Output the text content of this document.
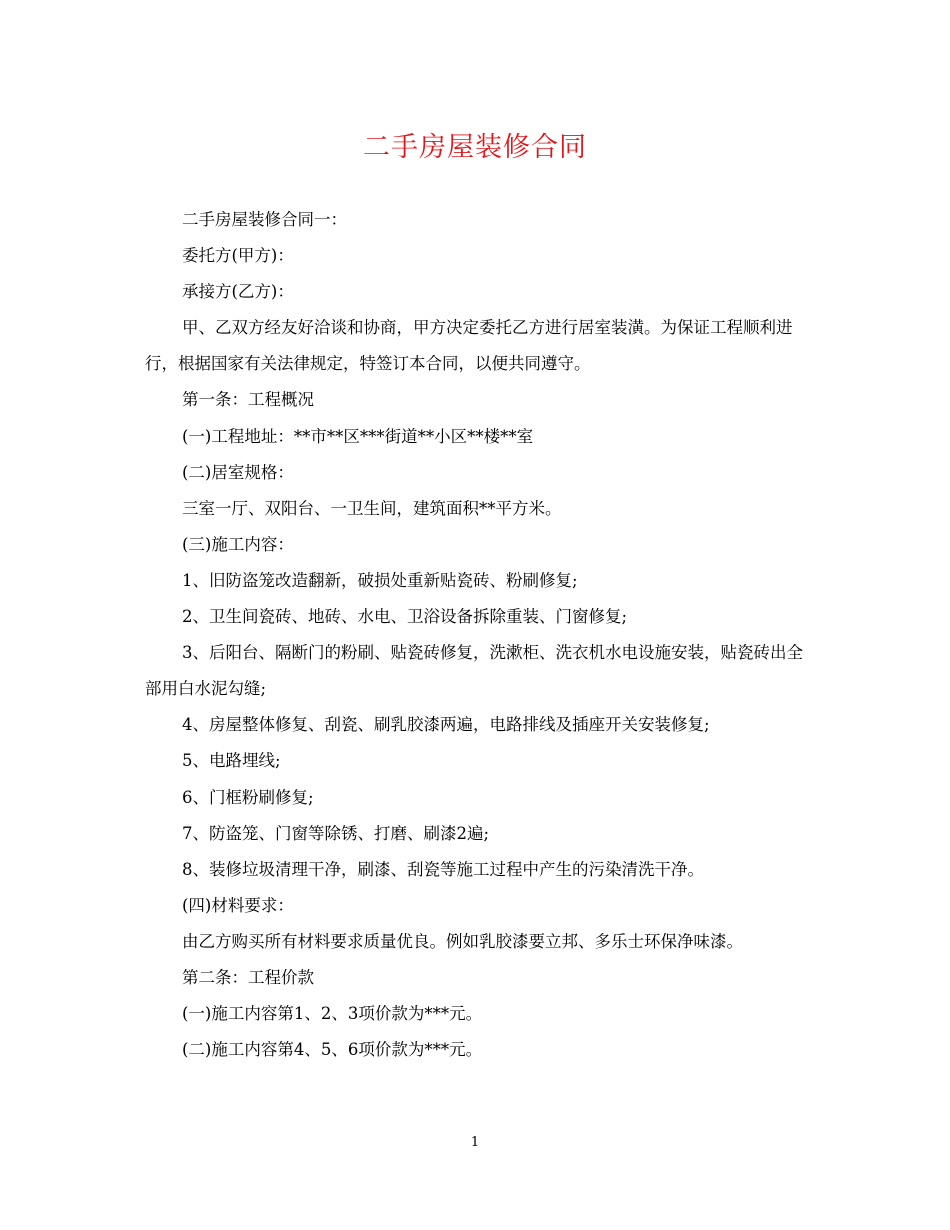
二手房屋装修合同

二手房屋装修合同一：

委托方(甲方)：

承接方(乙方)：

甲、乙双方经友好洽谈和协商，甲方决定委托乙方进行居室装潢。为保证工程顺利进行，根据国家有关法律规定，特签订本合同，以便共同遵守。

第一条：工程概况

(一)工程地址：**市**区***街道**小区**楼**室

(二)居室规格：

三室一厅、双阳台、一卫生间，建筑面积**平方米。

(三)施工内容：

1、旧防盗笼改造翻新，破损处重新贴瓷砖、粉刷修复;

2、卫生间瓷砖、地砖、水电、卫浴设备拆除重装、门窗修复;

3、后阳台、隔断门的粉刷、贴瓷砖修复，洗漱柜、洗衣机水电设施安装，贴瓷砖出全部用白水泥勾缝;

4、房屋整体修复、刮瓷、刷乳胶漆两遍，电路排线及插座开关安装修复;

5、电路埋线;

6、门框粉刷修复;

7、防盗笼、门窗等除锈、打磨、刷漆2遍;

8、装修垃圾清理干净，刷漆、刮瓷等施工过程中产生的污染清洗干净。

(四)材料要求：

由乙方购买所有材料要求质量优良。例如乳胶漆要立邦、多乐士环保净味漆。

第二条：工程价款

(一)施工内容第1、2、3项价款为***元。

(二)施工内容第4、5、6项价款为***元。

1
